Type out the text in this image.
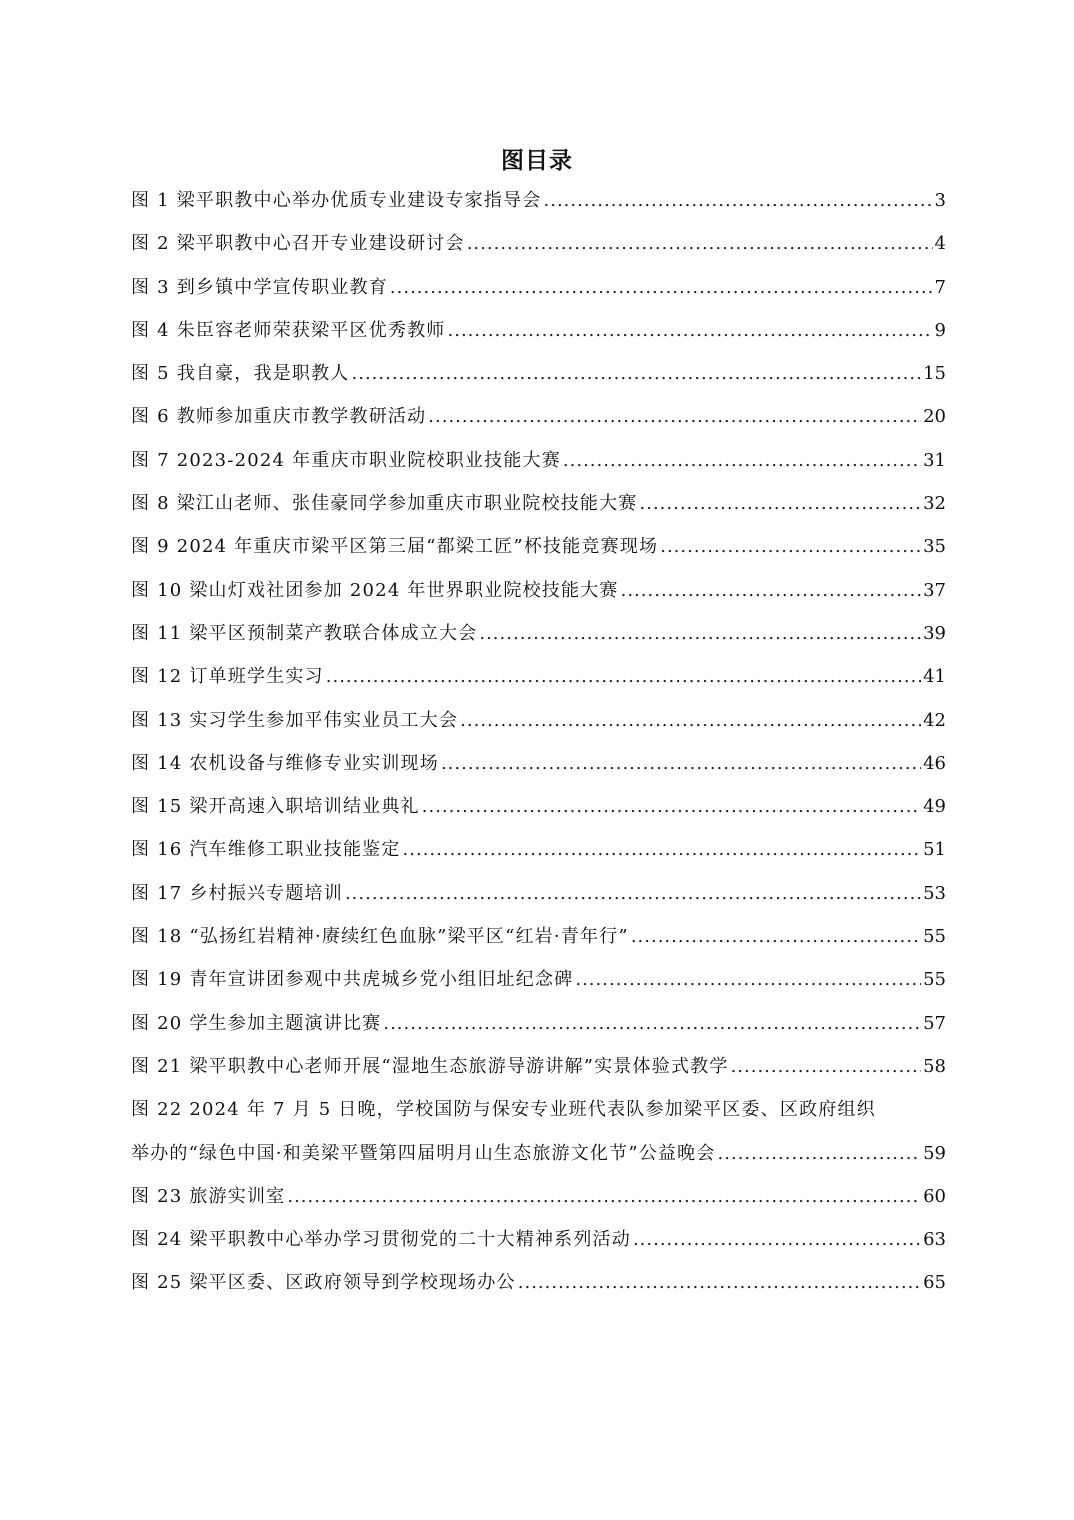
图目录
图 1 梁平职教中心举办优质专业建设专家指导会 .....	3
图 2 梁平职教中心召开专业建设研讨会 .....	4
图 3 到乡镇中学宣传职业教育 .....	7
图 4 朱臣容老师荣获梁平区优秀教师 .....	9
图 5 我自豪，我是职教人 .....	15
图 6 教师参加重庆市教学教研活动 .....	20
图 7 2023-2024 年重庆市职业院校职业技能大赛 .....	31
图 8 梁江山老师、张佳豪同学参加重庆市职业院校技能大赛 .....	32
图 9 2024 年重庆市梁平区第三届“都梁工匠”杯技能竞赛现场 .....	35
图 10 梁山灯戏社团参加 2024 年世界职业院校技能大赛 .....	37
图 11 梁平区预制菜产教联合体成立大会 .....	39
图 12 订单班学生实习 .....	41
图 13 实习学生参加平伟实业员工大会 .....	42
图 14 农机设备与维修专业实训现场 .....	46
图 15 梁开高速入职培训结业典礼 .....	49
图 16 汽车维修工职业技能鉴定 .....	51
图 17 乡村振兴专题培训 .....	53
图 18 “弘扬红岩精神·赓续红色血脉”梁平区“红岩·青年行” .....	55
图 19 青年宣讲团参观中共虎城乡党小组旧址纪念碑 .....	55
图 20 学生参加主题演讲比赛 .....	57
图 21 梁平职教中心老师开展“湿地生态旅游导游讲解”实景体验式教学 .....	58
图 22 2024 年 7 月 5 日晚，学校国防与保安专业班代表队参加梁平区委、区政府组织
举办的“绿色中国·和美梁平暨第四届明月山生态旅游文化节”公益晚会 .....	59
图 23 旅游实训室 .....	60
图 24 梁平职教中心举办学习贯彻党的二十大精神系列活动 .....	63
图 25 梁平区委、区政府领导到学校现场办公 .....	65
